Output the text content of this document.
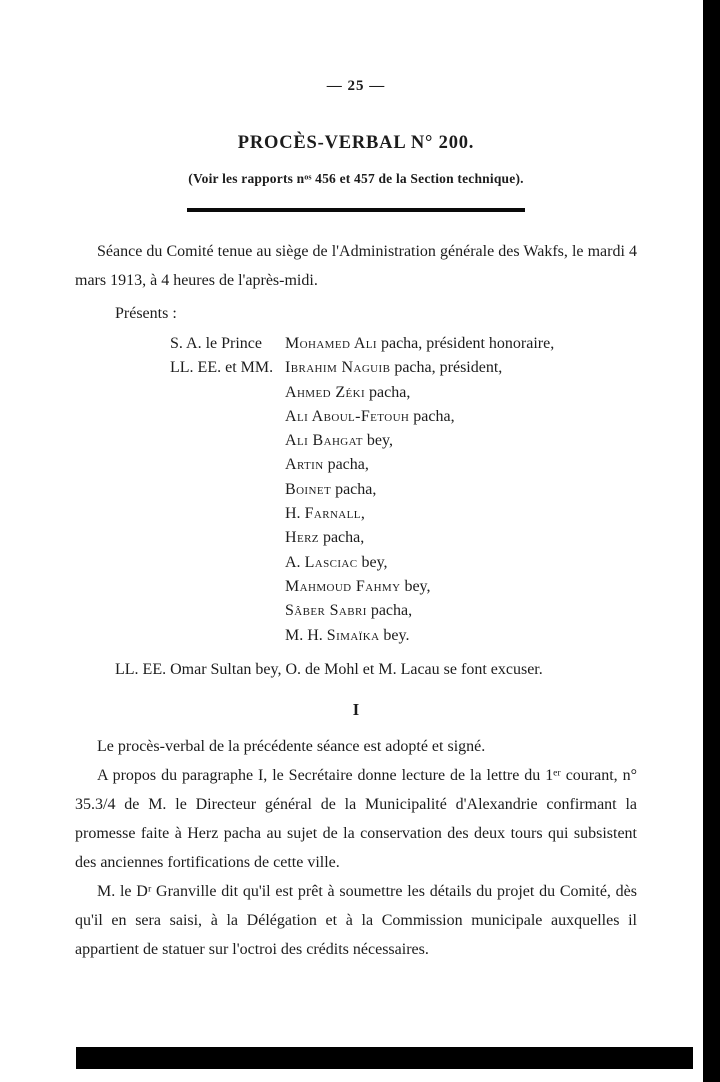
— 25 —
PROCÈS-VERBAL N° 200.
(Voir les rapports nᵒˢ 456 et 457 de la Section technique).

Séance du Comité tenue au siège de l'Administration générale des Wakfs, le mardi 4 mars 1913, à 4 heures de l'après-midi.

Présents :

S. A. le Prince Mohamed Ali pacha, président honoraire,
LL. EE. et MM. Ibrahim Naguib pacha, président,
Ahmed Zéki pacha,
Ali Aboul-Fetouh pacha,
Ali Bahgat bey,
Artin pacha,
Boinet pacha,
H. Farnall,
Herz pacha,
A. Lasciac bey,
Mahmoud Fahmy bey,
Sâber Sabri pacha,
M. H. Simaïka bey.

LL. EE. Omar Sultan bey, O. de Mohl et M. Lacau se font excuser.

I

Le procès-verbal de la précédente séance est adopté et signé.

A propos du paragraphe I, le Secrétaire donne lecture de la lettre du 1ᵉʳ courant, n° 35.3/4 de M. le Directeur général de la Municipalité d'Alexandrie confirmant la promesse faite à Herz pacha au sujet de la conservation des deux tours qui subsistent des anciennes fortifications de cette ville.

M. le Dʳ Granville dit qu'il est prêt à soumettre les détails du projet du Comité, dès qu'il en sera saisi, à la Délégation et à la Commission municipale auxquelles il appartient de statuer sur l'octroi des crédits nécessaires.
